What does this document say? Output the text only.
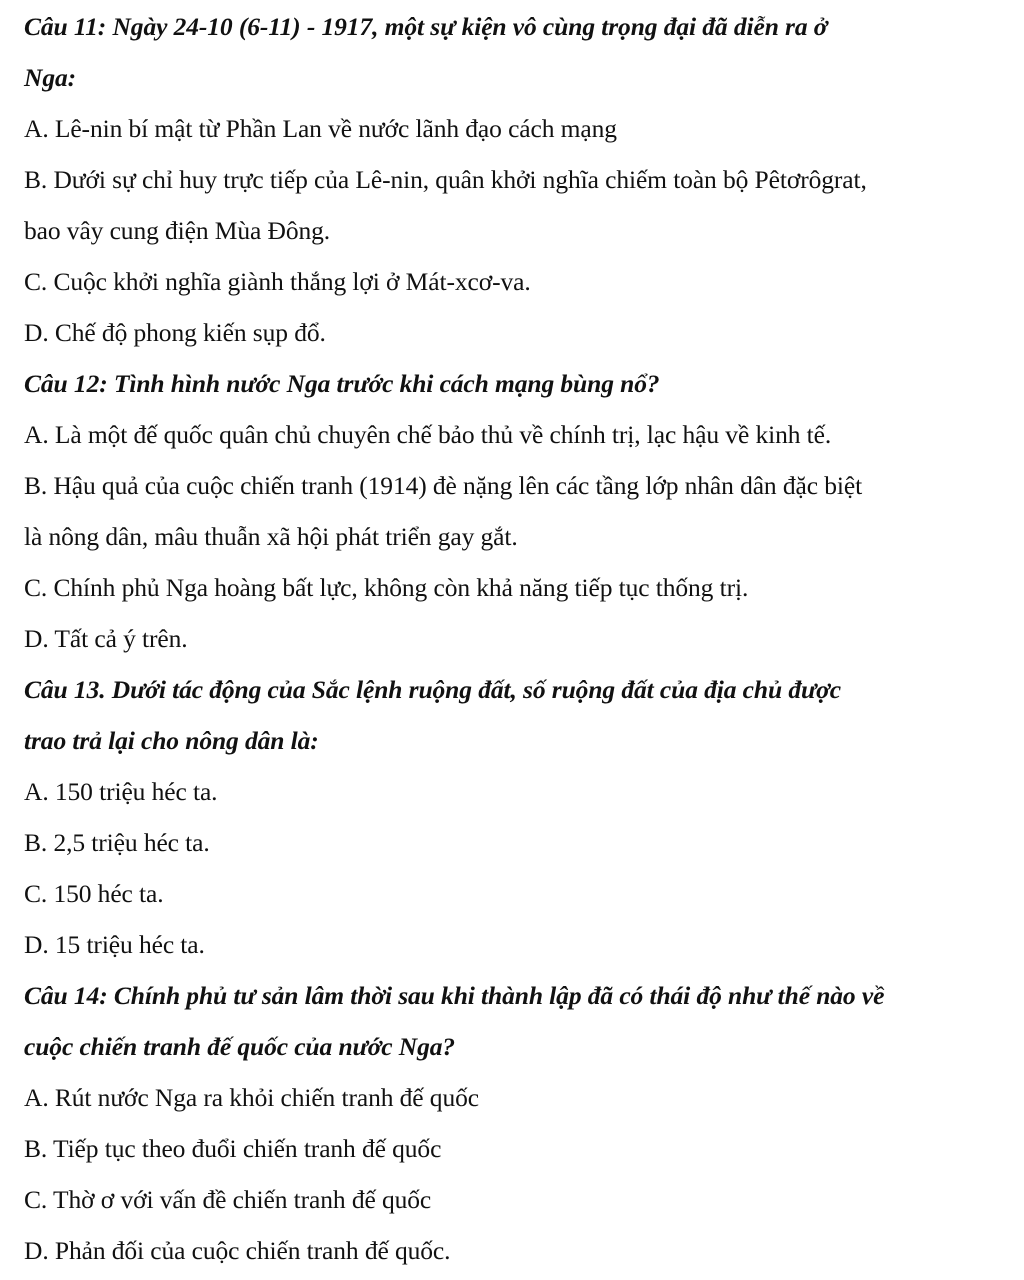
Câu 11: Ngày 24-10 (6-11) - 1917, một sự kiện vô cùng trọng đại đã diễn ra ở
Nga:
A. Lê-nin bí mật từ Phần Lan về nước lãnh đạo cách mạng
B. Dưới sự chỉ huy trực tiếp của Lê-nin, quân khởi nghĩa chiếm toàn bộ Pêtơrôgrat,
bao vây cung điện Mùa Đông.
C. Cuộc khởi nghĩa giành thắng lợi ở Mát-xcơ-va.
D. Chế độ phong kiến sụp đổ.
Câu 12: Tình hình nước Nga trước khi cách mạng bùng nổ?
A. Là một đế quốc quân chủ chuyên chế bảo thủ về chính trị, lạc hậu về kinh tế.
B. Hậu quả của cuộc chiến tranh (1914) đè nặng lên các tầng lớp nhân dân đặc biệt
là nông dân, mâu thuẫn xã hội phát triển gay gắt.
C. Chính phủ Nga hoàng bất lực, không còn khả năng tiếp tục thống trị.
D. Tất cả ý trên.
Câu 13. Dưới tác động của Sắc lệnh ruộng đất, số ruộng đất của địa chủ được
trao trả lại cho nông dân là:
A. 150 triệu héc ta.
B. 2,5 triệu héc ta.
C. 150 héc ta.
D. 15 triệu héc ta.
Câu 14: Chính phủ tư sản lâm thời sau khi thành lập đã có thái độ như thế nào về
cuộc chiến tranh đế quốc của nước Nga?
A. Rút nước Nga ra khỏi chiến tranh đế quốc
B. Tiếp tục theo đuổi chiến tranh đế quốc
C. Thờ ơ với vấn đề chiến tranh đế quốc
D. Phản đối của cuộc chiến tranh đế quốc.
